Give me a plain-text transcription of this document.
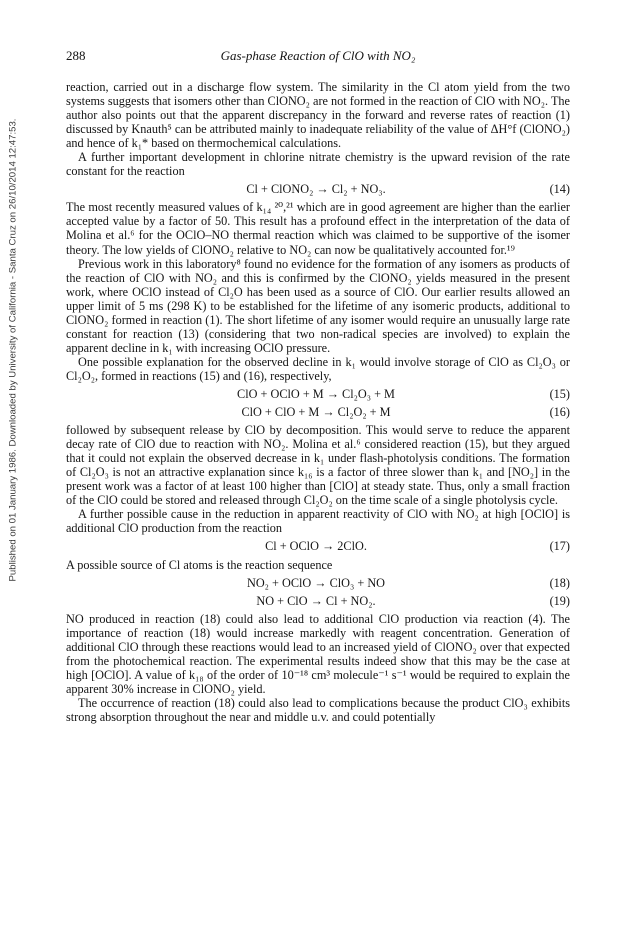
Published on 01 January 1986. Downloaded by University of California - Santa Cruz on 26/10/2014 12:47:53.
288	Gas-phase Reaction of ClO with NO₂

reaction, carried out in a discharge flow system. The similarity in the Cl atom yield from the two systems suggests that isomers other than ClONO₂ are not formed in the reaction of ClO with NO₂. The author also points out that the apparent discrepancy in the forward and reverse rates of reaction (1) discussed by Knauth⁵ can be attributed mainly to inadequate reliability of the value of ΔH°f (ClONO₂) and hence of k₁* based on thermochemical calculations.

A further important development in chlorine nitrate chemistry is the upward revision of the rate constant for the reaction

Cl + ClONO₂ → Cl₂ + NO₃.	(14)

The most recently measured values of k₁₄ ²⁰,²¹ which are in good agreement are higher than the earlier accepted value by a factor of 50. This result has a profound effect in the interpretation of the data of Molina et al.⁶ for the OClO–NO thermal reaction which was claimed to be supportive of the isomer theory. The low yields of ClONO₂ relative to NO₂ can now be qualitatively accounted for.¹⁹

Previous work in this laboratory⁸ found no evidence for the formation of any isomers as products of the reaction of ClO with NO₂ and this is confirmed by the ClONO₂ yields measured in the present work, where OClO instead of Cl₂O has been used as a source of ClO. Our earlier results allowed an upper limit of 5 ms (298 K) to be established for the lifetime of any isomeric products, additional to ClONO₂ formed in reaction (1). The short lifetime of any isomer would require an unusually large rate constant for reaction (13) (considering that two non-radical species are involved) to explain the apparent decline in k₁ with increasing OClO pressure.

One possible explanation for the observed decline in k₁ would involve storage of ClO as Cl₂O₃ or Cl₂O₂, formed in reactions (15) and (16), respectively,

ClO + OClO + M → Cl₂O₃ + M	(15)
ClO + ClO + M → Cl₂O₂ + M	(16)

followed by subsequent release by ClO by decomposition. This would serve to reduce the apparent decay rate of ClO due to reaction with NO₂. Molina et al.⁶ considered reaction (15), but they argued that it could not explain the observed decrease in k₁ under flash-photolysis conditions. The formation of Cl₂O₃ is not an attractive explanation since k₁₆ is a factor of three slower than k₁ and [NO₂] in the present work was a factor of at least 100 higher than [ClO] at steady state. Thus, only a small fraction of the ClO could be stored and released through Cl₂O₂ on the time scale of a single photolysis cycle.

A further possible cause in the reduction in apparent reactivity of ClO with NO₂ at high [OClO] is additional ClO production from the reaction

Cl + OClO → 2ClO.	(17)

A possible source of Cl atoms is the reaction sequence

NO₂ + OClO → ClO₃ + NO	(18)
NO + ClO → Cl + NO₂.	(19)

NO produced in reaction (18) could also lead to additional ClO production via reaction (4). The importance of reaction (18) would increase markedly with reagent concentration. Generation of additional ClO through these reactions would lead to an increased yield of ClONO₂ over that expected from the photochemical reaction. The experimental results indeed show that this may be the case at high [OClO]. A value of k₁₈ of the order of 10⁻¹⁸ cm³ molecule⁻¹ s⁻¹ would be required to explain the apparent 30% increase in ClONO₂ yield.

The occurrence of reaction (18) could also lead to complications because the product ClO₃ exhibits strong absorption throughout the near and middle u.v. and could potentially
